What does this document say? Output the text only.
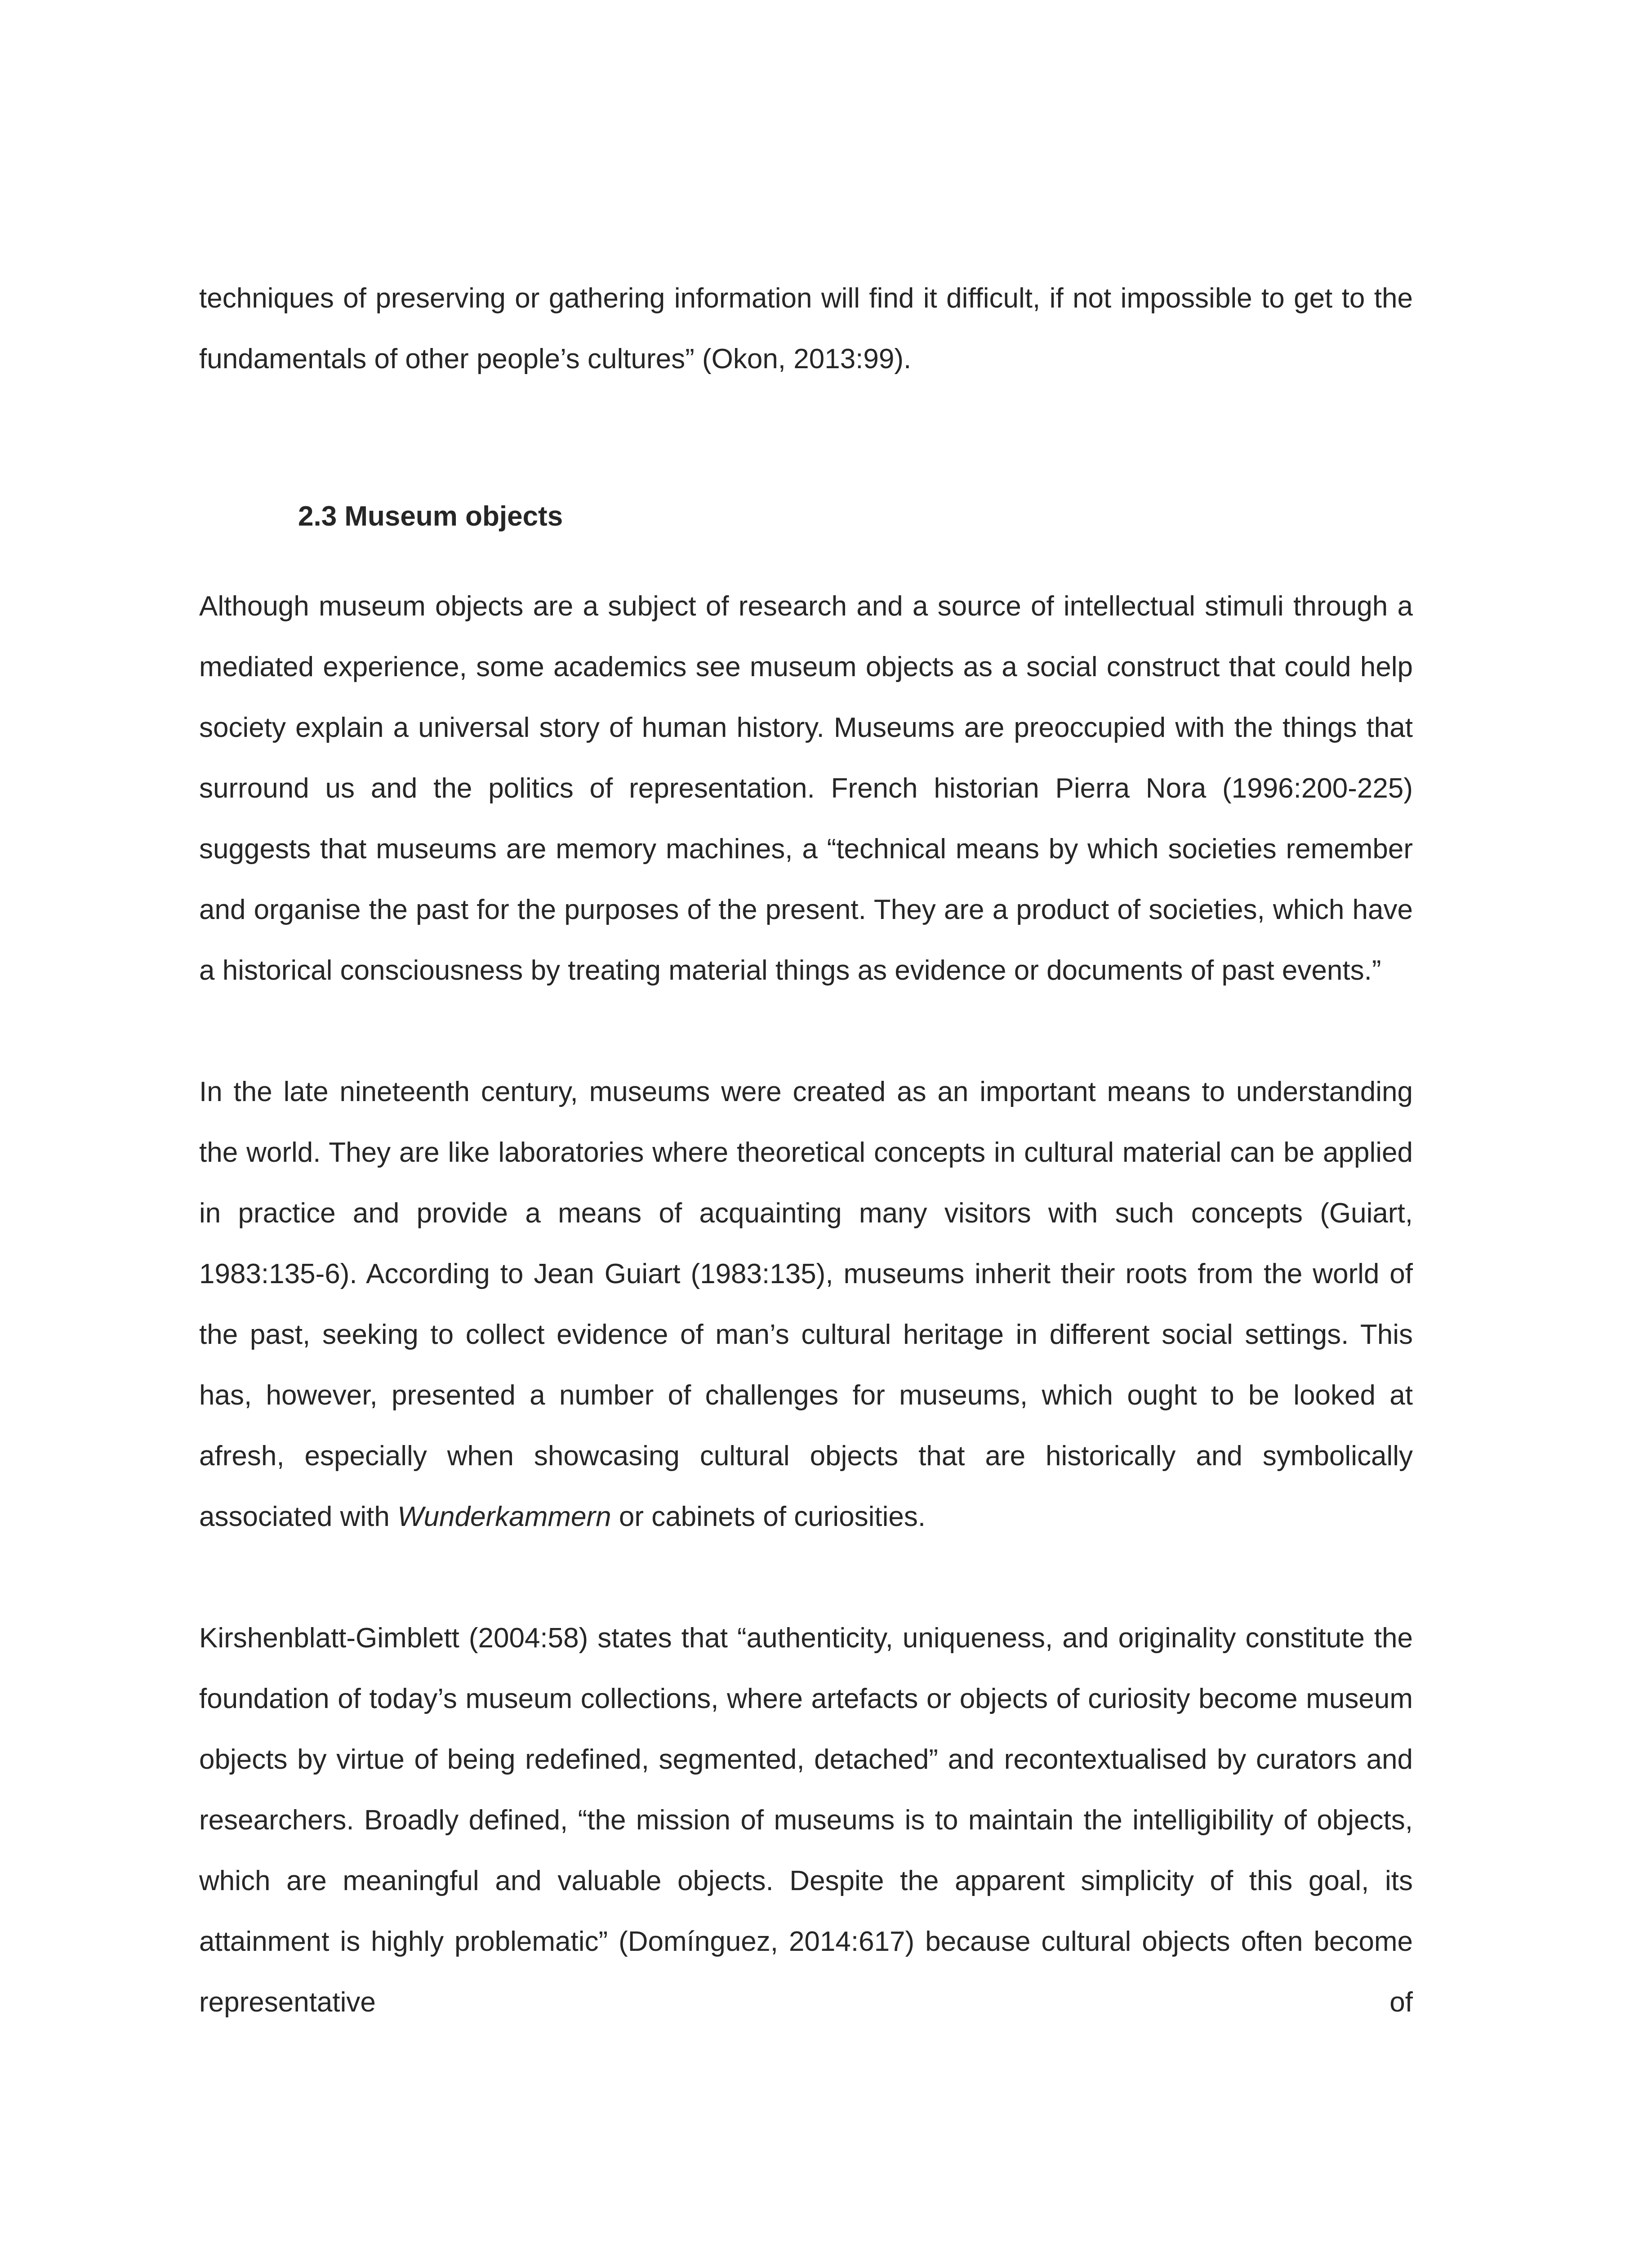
techniques of preserving or gathering information will find it difficult, if not impossible to get to the fundamentals of other people’s cultures” (Okon, 2013:99).

2.3 Museum objects

Although museum objects are a subject of research and a source of intellectual stimuli through a mediated experience, some academics see museum objects as a social construct that could help society explain a universal story of human history. Museums are preoccupied with the things that surround us and the politics of representation. French historian Pierra Nora (1996:200-225) suggests that museums are memory machines, a “technical means by which societies remember and organise the past for the purposes of the present. They are a product of societies, which have a historical consciousness by treating material things as evidence or documents of past events.”

In the late nineteenth century, museums were created as an important means to understanding the world. They are like laboratories where theoretical concepts in cultural material can be applied in practice and provide a means of acquainting many visitors with such concepts (Guiart, 1983:135-6). According to Jean Guiart (1983:135), museums inherit their roots from the world of the past, seeking to collect evidence of man’s cultural heritage in different social settings. This has, however, presented a number of challenges for museums, which ought to be looked at afresh, especially when showcasing cultural objects that are historically and symbolically associated with Wunderkammern or cabinets of curiosities.

Kirshenblatt-Gimblett (2004:58) states that “authenticity, uniqueness, and originality constitute the foundation of today’s museum collections, where artefacts or objects of curiosity become museum objects by virtue of being redefined, segmented, detached” and recontextualised by curators and researchers. Broadly defined, “the mission of museums is to maintain the intelligibility of objects, which are meaningful and valuable objects. Despite the apparent simplicity of this goal, its attainment is highly problematic” (Domínguez, 2014:617) because cultural objects often become representative of
